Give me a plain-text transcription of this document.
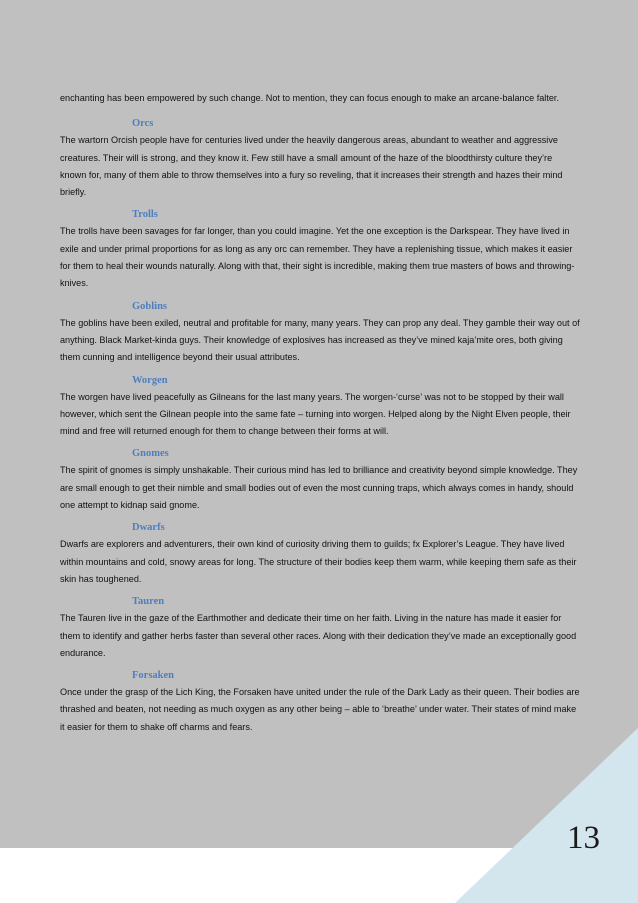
enchanting has been empowered by such change. Not to mention, they can focus enough to make an arcane-balance falter.

Orcs

The wartorn Orcish people have for centuries lived under the heavily dangerous areas, abundant to weather and aggressive creatures. Their will is strong, and they know it. Few still have a small amount of the haze of the bloodthirsty culture they’re known for, many of them able to throw themselves into a fury so reveling, that it increases their strength and hazes their mind briefly.

Trolls

The trolls have been savages for far longer, than you could imagine. Yet the one exception is the Darkspear. They have lived in exile and under primal proportions for as long as any orc can remember. They have a replenishing tissue, which makes it easier for them to heal their wounds naturally. Along with that, their sight is incredible, making them true masters of bows and throwing-knives.

Goblins

The goblins have been exiled, neutral and profitable for many, many years. They can prop any deal. They gamble their way out of anything. Black Market-kinda guys. Their knowledge of explosives has increased as they’ve mined kaja’mite ores, both giving them cunning and intelligence beyond their usual attributes.

Worgen

The worgen have lived peacefully as Gilneans for the last many years. The worgen-‘curse’ was not to be stopped by their wall however, which sent the Gilnean people into the same fate – turning into worgen. Helped along by the Night Elven people, their mind and free will returned enough for them to change between their forms at will.

Gnomes

The spirit of gnomes is simply unshakable. Their curious mind has led to brilliance and creativity beyond simple knowledge. They are small enough to get their nimble and small bodies out of even the most cunning traps, which always comes in handy, should one attempt to kidnap said gnome.

Dwarfs

Dwarfs are explorers and adventurers, their own kind of curiosity driving them to guilds; fx Explorer’s League. They have lived within mountains and cold, snowy areas for long. The structure of their bodies keep them warm, while keeping them safe as their skin has toughened.

Tauren

The Tauren live in the gaze of the Earthmother and dedicate their time on her faith. Living in the nature has made it easier for them to identify and gather herbs faster than several other races. Along with their dedication they’ve made an exceptionally good endurance.

Forsaken

Once under the grasp of the Lich King, the Forsaken have united under the rule of the Dark Lady as their queen. Their bodies are thrashed and beaten, not needing as much oxygen as any other being – able to ‘breathe’ under water. Their states of mind make it easier for them to shake off charms and fears.

13
